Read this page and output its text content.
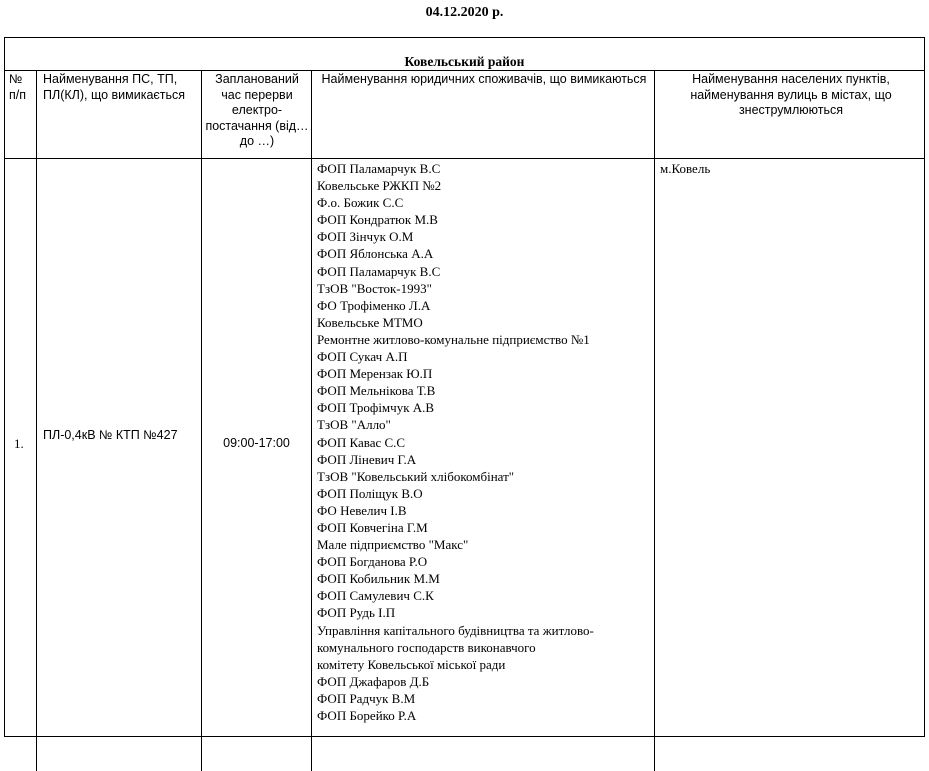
04.12.2020 р.
Ковельський район
№ п/п
Найменування ПС, ТП, ПЛ(КЛ), що вимикається
Запланований час перерви електро-постачання (від… до …)
Найменування юридичних споживачів, що вимикаються	Найменування населених пунктів, найменування вулиць в містах, що знеструмлюються
1.
ПЛ-0,4кВ № КТП №427
09:00-17:00
м.Ковель
ФОП Паламарчук В.С
Ковельське РЖКП №2
Ф.о. Божик С.С
ФОП Кондратюк М.В
ФОП Зінчук О.М
ФОП Яблонська А.А
ФОП Паламарчук В.С
ТзОВ "Восток-1993"
ФО Трофіменко Л.А
Ковельське МТМО
Ремонтне житлово-комунальне підприємство №1
ФОП Сукач А.П
ФОП Мерензак Ю.П
ФОП Мельнікова Т.В
ФОП Трофімчук А.В
ТзОВ "Алло"
ФОП Кавас С.С
ФОП Лінeвич Г.А
ТзОВ "Ковельський хлібокомбінат"
ФОП Поліщук В.О
ФО Невелич І.В
ФОП Ковчегіна Г.М
Мале підприємство "Макс"
ФОП Богданова Р.О
ФОП Кобильник М.М
ФОП Самулевич С.К
ФОП Рудь І.П
Управління капітального будівництва та житлово-
комунального господарств виконавчого
комітету Ковельської міської ради
ФОП Джафаров Д.Б
ФОП Радчук В.М
ФОП Борейко Р.А
